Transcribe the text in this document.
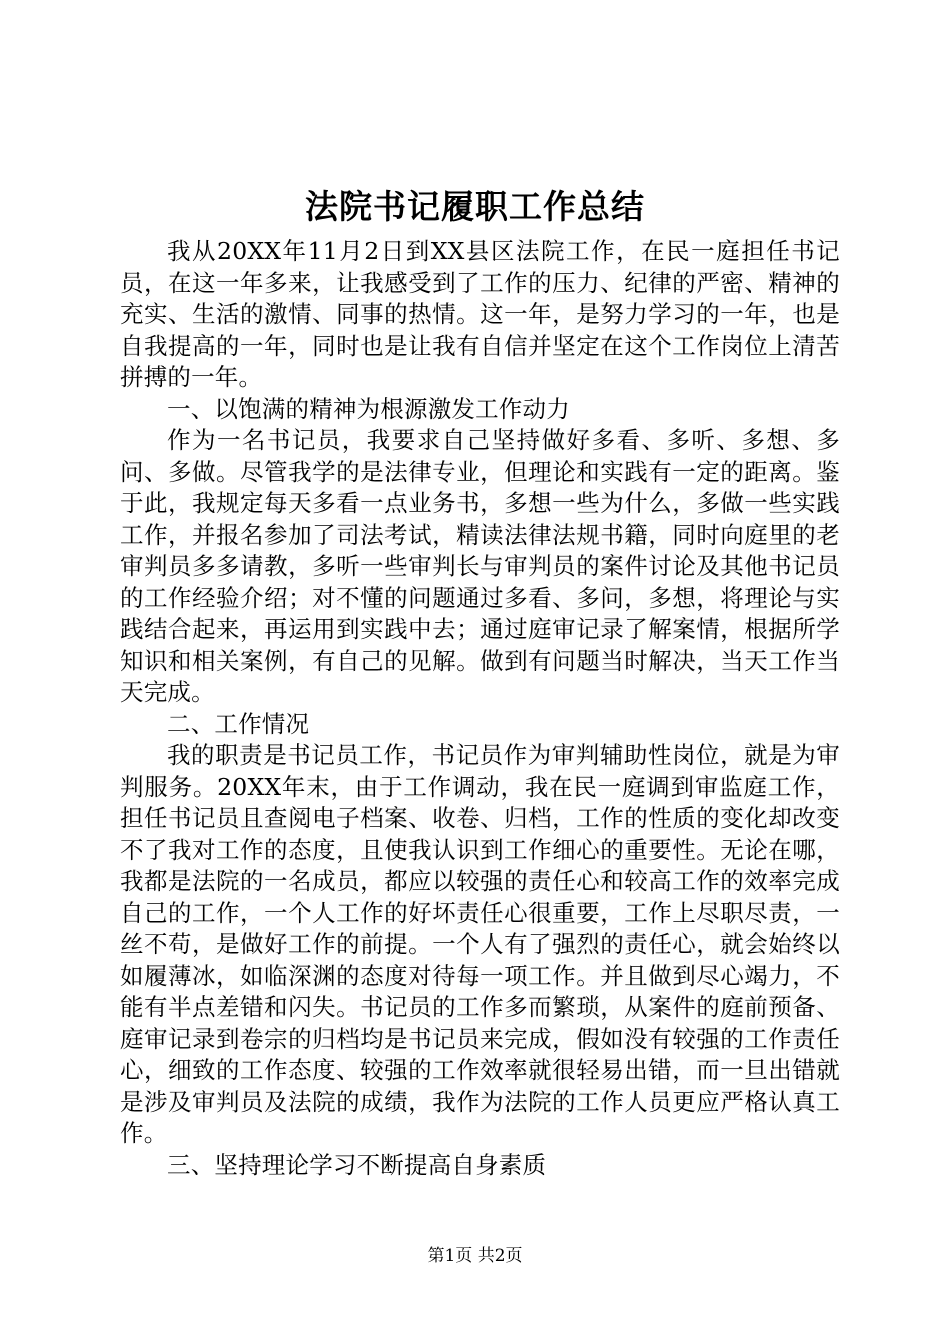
法院书记履职工作总结

我从20XX年11月2日到XX县区法院工作，在民一庭担任书记员，在这一年多来，让我感受到了工作的压力、纪律的严密、精神的充实、生活的激情、同事的热情。这一年，是努力学习的一年，也是自我提高的一年，同时也是让我有自信并坚定在这个工作岗位上清苦拼搏的一年。

一、以饱满的精神为根源激发工作动力

作为一名书记员，我要求自己坚持做好多看、多听、多想、多问、多做。尽管我学的是法律专业，但理论和实践有一定的距离。鉴于此，我规定每天多看一点业务书，多想一些为什么，多做一些实践工作，并报名参加了司法考试，精读法律法规书籍，同时向庭里的老审判员多多请教，多听一些审判长与审判员的案件讨论及其他书记员的工作经验介绍；对不懂的问题通过多看、多问，多想，将理论与实践结合起来，再运用到实践中去；通过庭审记录了解案情，根据所学知识和相关案例，有自己的见解。做到有问题当时解决，当天工作当天完成。

二、工作情况

我的职责是书记员工作，书记员作为审判辅助性岗位，就是为审判服务。20XX年末，由于工作调动，我在民一庭调到审监庭工作，担任书记员且查阅电子档案、收卷、归档，工作的性质的变化却改变不了我对工作的态度，且使我认识到工作细心的重要性。无论在哪，我都是法院的一名成员，都应以较强的责任心和较高工作的效率完成自己的工作，一个人工作的好坏责任心很重要，工作上尽职尽责，一丝不苟，是做好工作的前提。一个人有了强烈的责任心，就会始终以如履薄冰，如临深渊的态度对待每一项工作。并且做到尽心竭力，不能有半点差错和闪失。书记员的工作多而繁琐，从案件的庭前预备、庭审记录到卷宗的归档均是书记员来完成，假如没有较强的工作责任心，细致的工作态度、较强的工作效率就很轻易出错，而一旦出错就是涉及审判员及法院的成绩，我作为法院的工作人员更应严格认真工作。

三、坚持理论学习不断提高自身素质

第1页 共2页
